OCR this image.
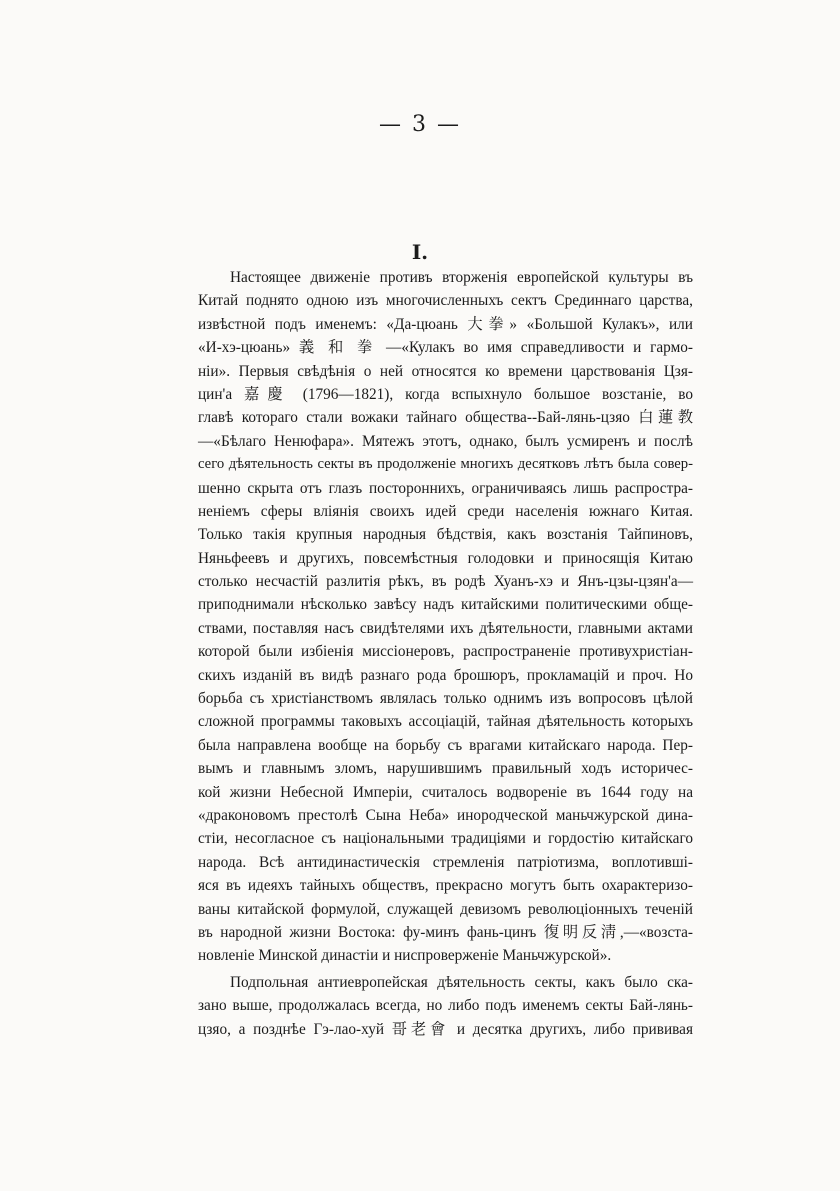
— 3 —
I.
Настоящее движеніе противъ вторженія европейской культуры въ
Китай поднято одною изъ многочисленныхъ сектъ Срединнаго царства,
извѣстной подъ именемъ: «Да-цюань 大拳» «Большой Кулакъ», или
«И-хэ-цюань» 義 和 拳 —«Кулакъ во имя справедливости и гармо-
ніи». Первыя свѣдѣнія о ней относятся ко времени царствованія Цзя-
цин'а 嘉慶 (1796—1821), когда вспыхнуло большое возстаніе, во
главѣ котораго стали вожаки тайнаго общества--Бай-лянь-цзяо 白蓮教
—«Бѣлаго Ненюфара». Мятежъ этотъ, однако, былъ усмиренъ и послѣ
сего дѣятельность секты въ продолженіе многихъ десятковъ лѣтъ была совер-
шенно скрыта отъ глазъ постороннихъ, ограничиваясь лишь распростра-
неніемъ сферы вліянія своихъ идей среди населенія южнаго Китая.
Только такія крупныя народныя бѣдствія, какъ возстанія Тайпиновъ,
Няньфеевъ и другихъ, повсемѣстныя голодовки и приносящія Китаю
столько несчастій разлитія рѣкъ, въ родѣ Хуанъ-хэ и Янъ-цзы-цзян'а—
приподнимали нѣсколько завѣсу надъ китайскими политическими обще-
ствами, поставляя насъ свидѣтелями ихъ дѣятельности, главными актами
которой были избіенія миссіонеровъ, распространеніе противухристіан-
скихъ изданій въ видѣ разнаго рода брошюръ, прокламацій и проч. Но
борьба съ христіанствомъ являлась только однимъ изъ вопросовъ цѣлой
сложной программы таковыхъ ассоціацій, тайная дѣятельность которыхъ
была направлена вообще на борьбу съ врагами китайскаго народа. Пер-
вымъ и главнымъ зломъ, нарушившимъ правильный ходъ историчес-
кой жизни Небесной Имперіи, считалось водвореніе въ 1644 году на
«драконовомъ престолѣ Сына Неба» инородческой маньчжурской дина-
стіи, несогласное съ національными традиціями и гордостію китайскаго
народа. Всѣ антидинастическія стремленія патріотизма, воплотивші-
яся въ идеяхъ тайныхъ обществъ, прекрасно могутъ быть охарактеризо-
ваны китайской формулой, служащей девизомъ революціонныхъ теченій
въ народной жизни Востока: фу-минъ фань-цинъ 復明反淸,—«возста-
новленіе Минской династіи и ниспроверженіе Маньчжурской».
Подпольная антиевропейская дѣятельность секты, какъ было ска-
зано выше, продолжалась всегда, но либо подъ именемъ секты Бай-лянь-
цзяо, а позднѣе Гэ-лао-хуй 哥老會 и десятка другихъ, либо прививая
